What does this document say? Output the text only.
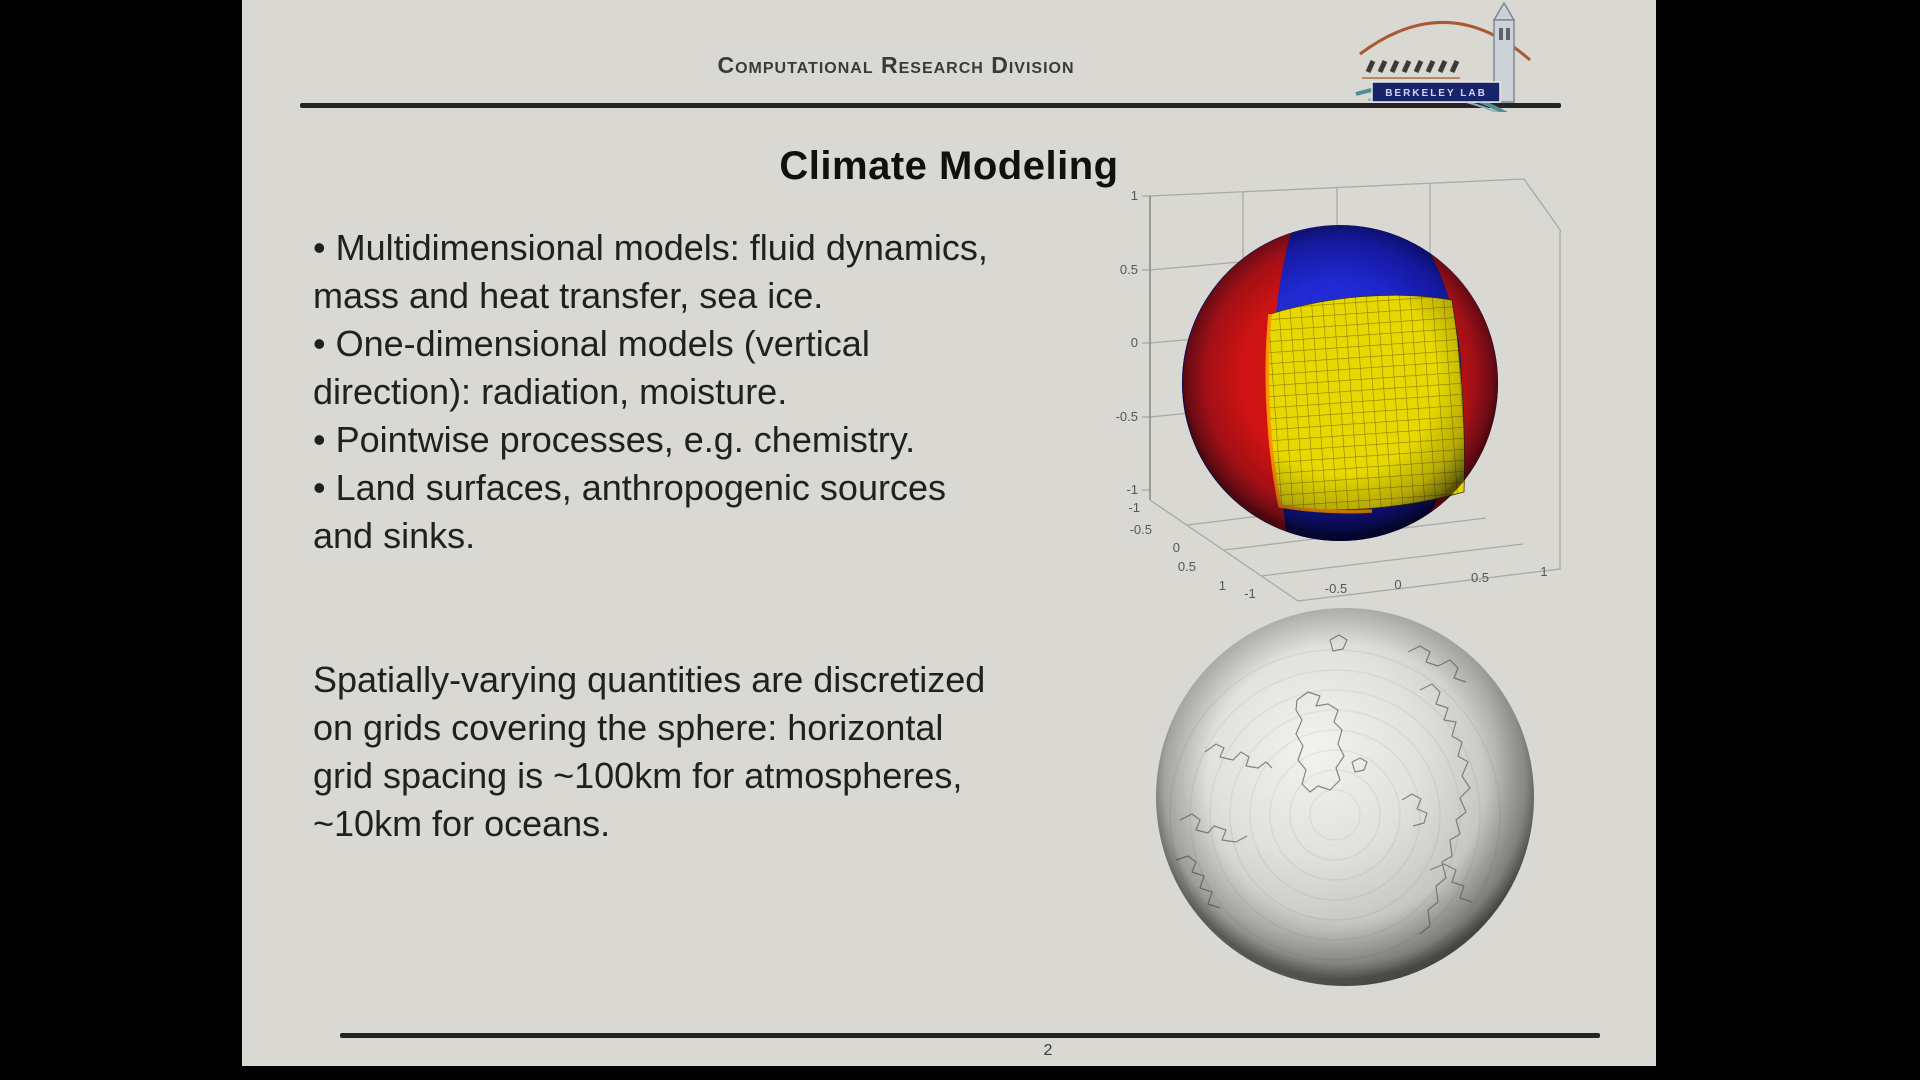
Computational Research Division
BERKELEY LAB
Climate Modeling
• Multidimensional models: fluid dynamics, mass and heat transfer, sea ice.
• One-dimensional models (vertical direction): radiation, moisture.
• Pointwise processes, e.g. chemistry.
• Land surfaces, anthropogenic sources and sinks.
Spatially-varying quantities are discretized on grids covering the sphere: horizontal grid spacing is ~100km for atmospheres, ~10km for oceans.
1
0.5
0
-0.5
-1
-1
-0.5
0
0.5
1
-1	-0.5	0	0.5	1
2
